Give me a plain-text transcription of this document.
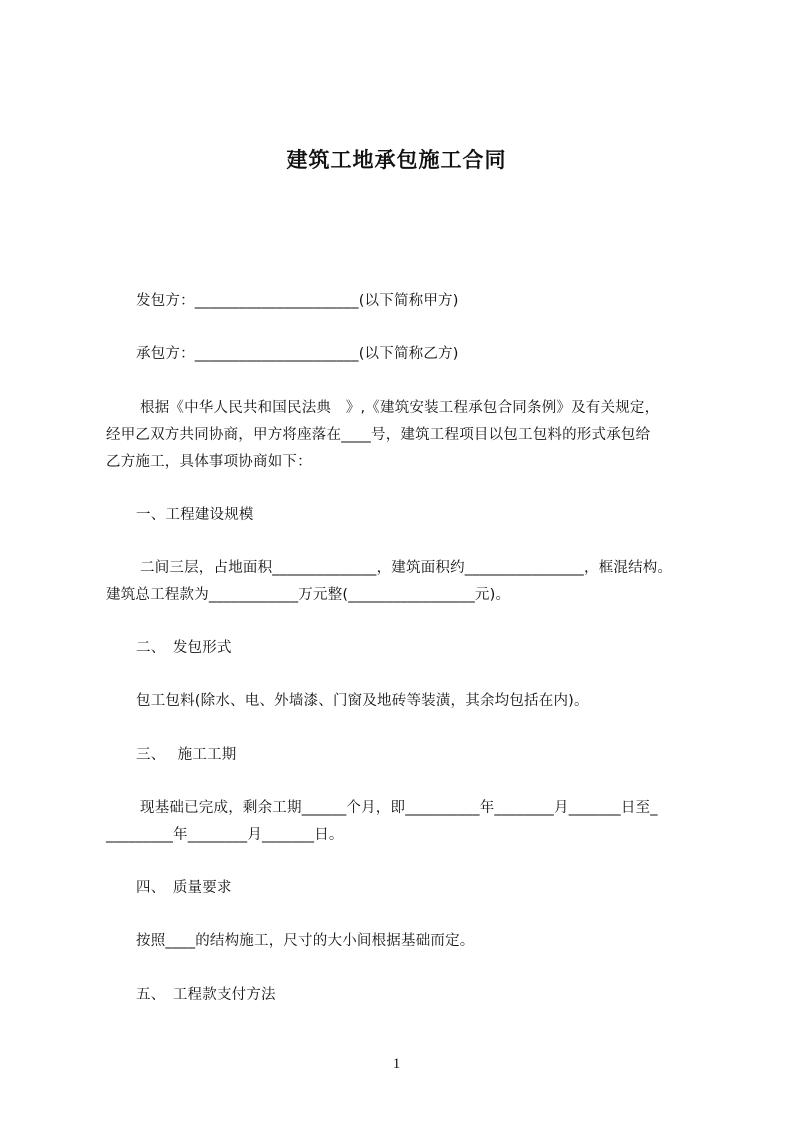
建筑工地承包施工合同
发包方：______________________(以下简称甲方)
承包方：______________________(以下简称乙方)
根据《中华人民共和国民法典　》,《建筑安装工程承包合同条例》及有关规定，
经甲乙双方共同协商，甲方将座落在____号，建筑工程项目以包工包料的形式承包给
乙方施工，具体事项协商如下：
一、工程建设规模
二间三层，占地面积______________，建筑面积约________________，框混结构。
建筑总工程款为____________万元整(_________________元)。
二、　发包形式
包工包料(除水、电、外墙漆、门窗及地砖等装潢，其余均包括在内)。
三、　 施工工期
现基础已完成，剩余工期______个月，即__________年________月_______日至_
_________年________月_______日。
四、　质量要求
按照____的结构施工，尺寸的大小间根据基础而定。
五、　工程款支付方法
1
